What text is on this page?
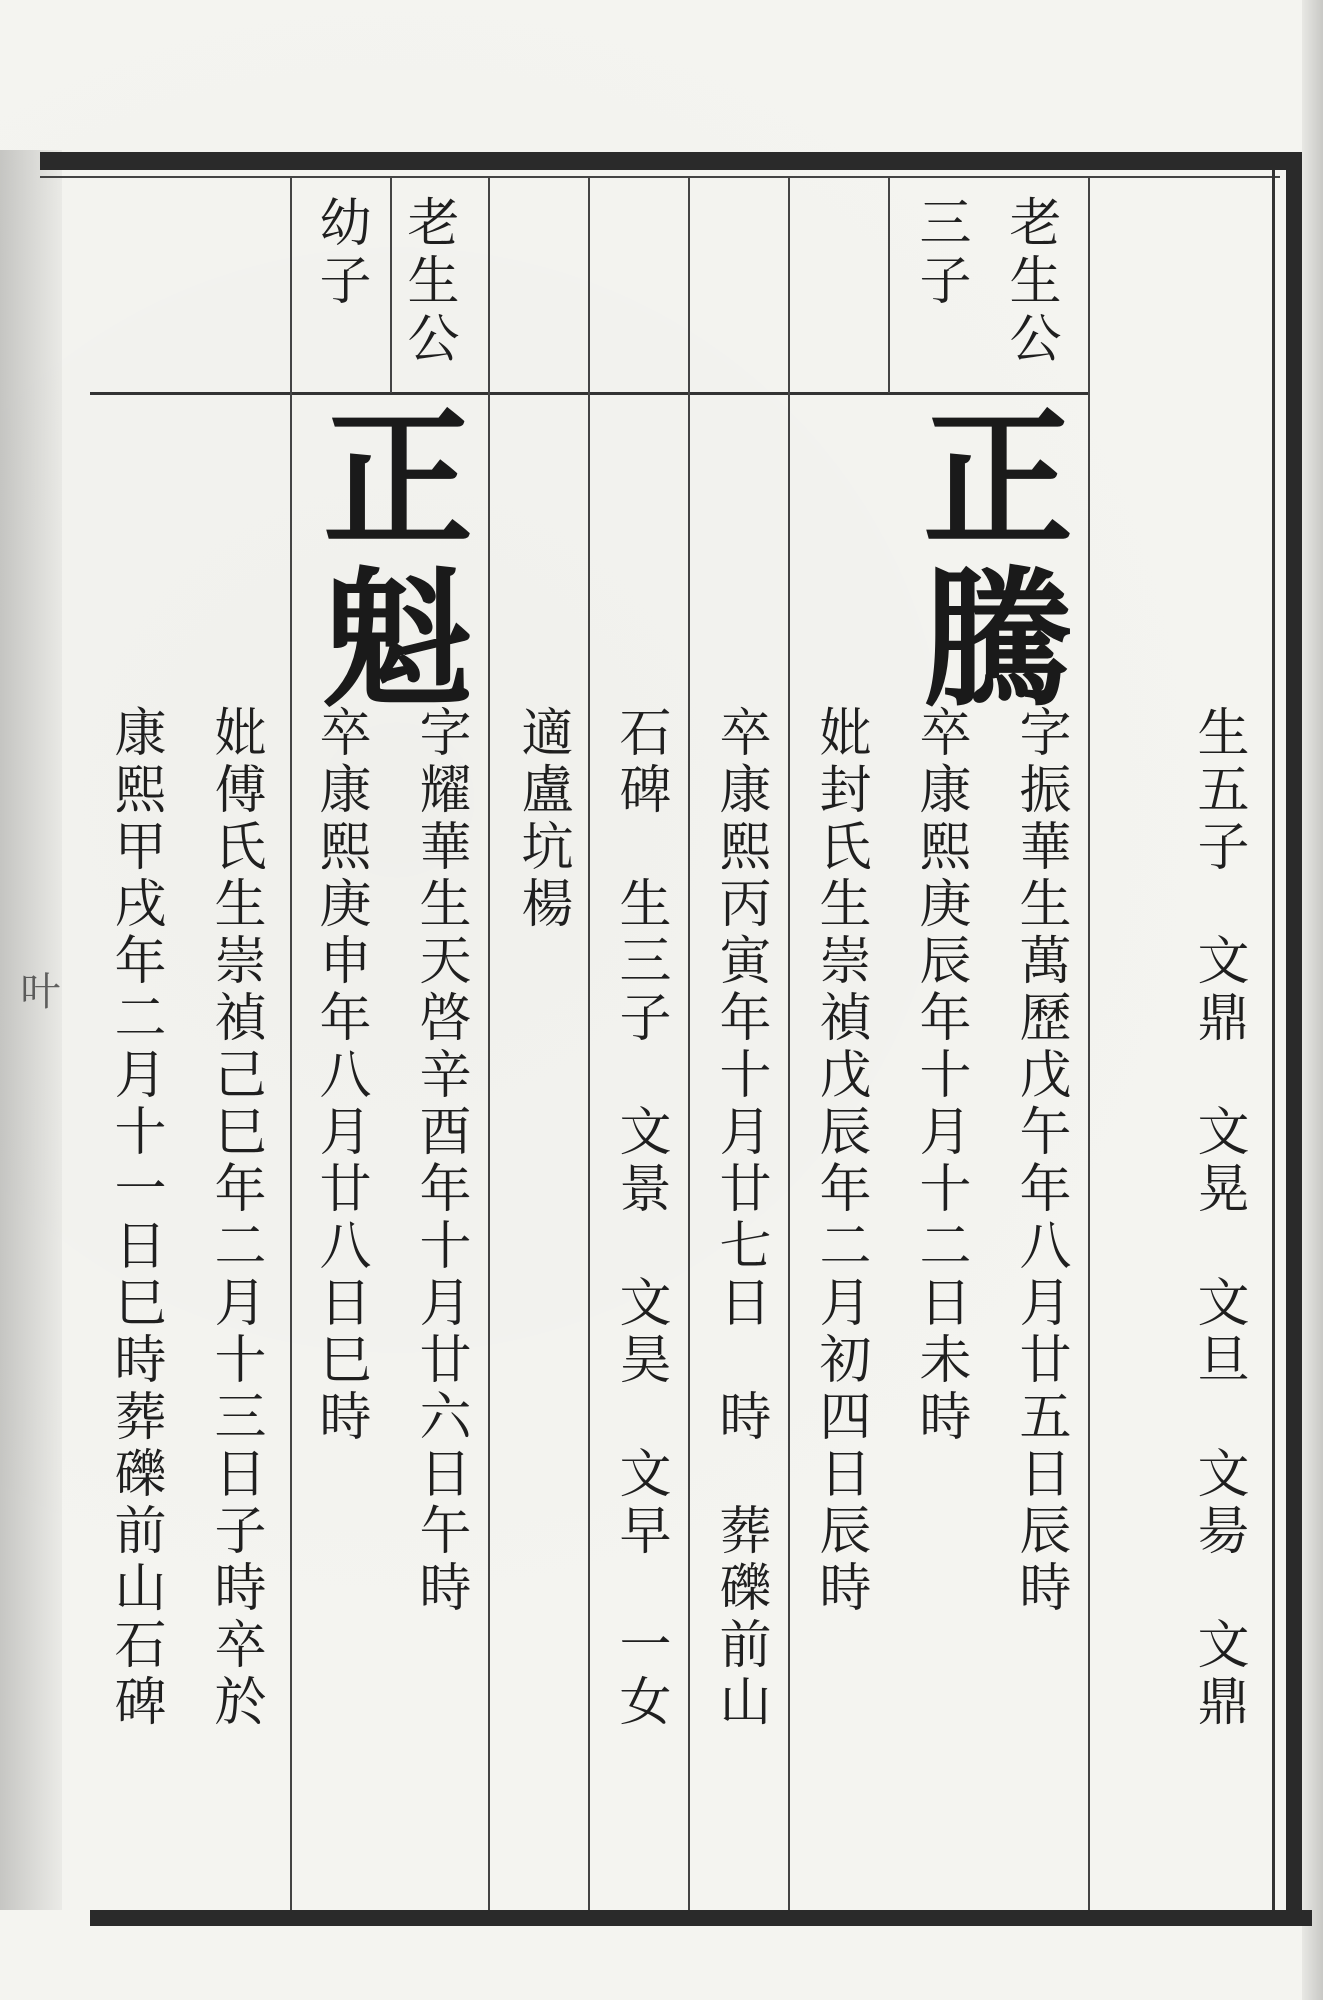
叶	生五子　文鼎　文晃　文旦　文昜　文鼎
老生公
三子
正騰
字振華生萬歷戊午年八月廿五日辰時
卒康熙庚辰年十月十二日未時
妣封氏生崇禎戊辰年二月初四日辰時
卒康熙丙寅年十月廿七日　時　葬礫前山
石碑　生三子　文景　文昊　文早　一女
適盧坑楊
老生公
幼子
正魁
字耀華生天啓辛酉年十月廿六日午時
卒康熙庚申年八月廿八日巳時
妣傅氏生崇禎己巳年二月十三日子時卒於
康熙甲戌年二月十一日巳時葬礫前山石碑
